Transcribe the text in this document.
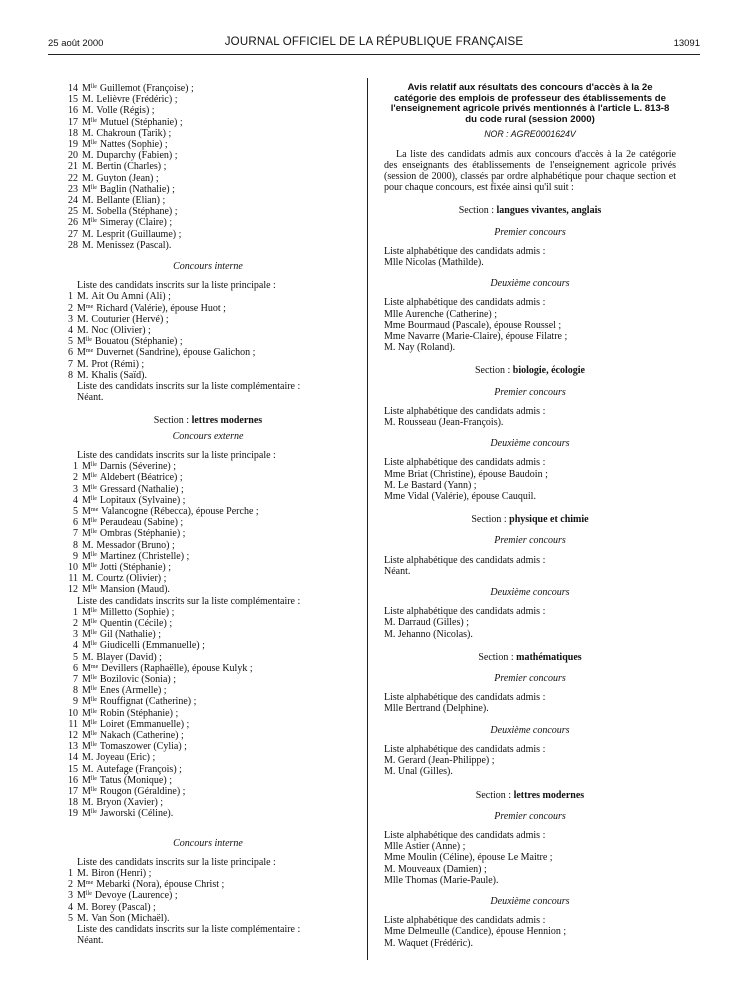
25 août 2000	JOURNAL OFFICIEL DE LA RÉPUBLIQUE FRANÇAISE	13091
14 $M^{lle}$ Guillemot (Françoise) ;
15 M. Lelièvre (Frédéric) ;
16 M. Volle (Régis) ;
17 $M^{lle}$ Mutuel (Stéphanie) ;
18 M. Chakroun (Tarik) ;
19 $M^{lle}$ Nattes (Sophie) ;
20 M. Duparchy (Fabien) ;
21 M. Bertin (Charles) ;
22 M. Guyton (Jean) ;
23 $M^{lle}$ Baglin (Nathalie) ;
24 M. Bellante (Elian) ;
25 M. Sobella (Stéphane) ;
26 $M^{lle}$ Simeray (Claire) ;
27 M. Lesprit (Guillaume) ;
28 M. Menissez (Pascal).
Concours interne
Liste des candidats inscrits sur la liste principale :
1 M. Ait Ou Amni (Ali) ;
2 $M^{me}$ Richard (Valérie), épouse Huot ;
3 M. Couturier (Hervé) ;
4 M. Noc (Olivier) ;
5 $M^{lle}$ Bouatou (Stéphanie) ;
6 $M^{me}$ Duvernet (Sandrine), épouse Galichon ;
7 M. Prot (Rémi) ;
8 M. Khalis (Saïd).
Liste des candidats inscrits sur la liste complémentaire :
Néant.
Section : lettres modernes
Concours externe
Liste des candidats inscrits sur la liste principale :
1 $M^{lle}$ Darnis (Séverine) ;
2 $M^{lle}$ Aldebert (Béatrice) ;
3 $M^{lle}$ Gressard (Nathalie) ;
4 $M^{lle}$ Lopitaux (Sylvaine) ;
5 $M^{me}$ Valancogne (Rébecca), épouse Perche ;
6 $M^{lle}$ Peraudeau (Sabine) ;
7 $M^{lle}$ Ombras (Stéphanie) ;
8 M. Messador (Bruno) ;
9 $M^{lle}$ Martinez (Christelle) ;
10 $M^{lle}$ Jotti (Stéphanie) ;
11 M. Courtz (Olivier) ;
12 $M^{lle}$ Mansion (Maud).
Liste des candidats inscrits sur la liste complémentaire :
1 $M^{lle}$ Milletto (Sophie) ;
2 $M^{lle}$ Quentin (Cécile) ;
3 $M^{lle}$ Gil (Nathalie) ;
4 $M^{lle}$ Giudicelli (Emmanuelle) ;
5 M. Blayer (David) ;
6 $M^{me}$ Devillers (Raphaëlle), épouse Kulyk ;
7 $M^{lle}$ Bozilovic (Sonia) ;
8 $M^{lle}$ Enes (Armelle) ;
9 $M^{lle}$ Rouffignat (Catherine) ;
10 $M^{lle}$ Robin (Stéphanie) ;
11 $M^{lle}$ Loiret (Emmanuelle) ;
12 $M^{lle}$ Nakach (Catherine) ;
13 $M^{lle}$ Tomaszower (Cylia) ;
14 M. Joyeau (Eric) ;
15 M. Autefage (François) ;
16 $M^{lle}$ Tatus (Monique) ;
17 $M^{lle}$ Rougon (Géraldine) ;
18 M. Bryon (Xavier) ;
19 $M^{lle}$ Jaworski (Céline).
Concours interne
Liste des candidats inscrits sur la liste principale :
1 M. Biron (Henri) ;
2 $M^{me}$ Mebarki (Nora), épouse Christ ;
3 $M^{lle}$ Devoye (Laurence) ;
4 M. Borey (Pascal) ;
5 M. Van Son (Michaël).
Liste des candidats inscrits sur la liste complémentaire :
Néant.
Avis relatif aux résultats des concours d'accès à la 2e catégorie des emplois de professeur des établissements de l'enseignement agricole privés mentionnés à l'article L. 813-8 du code rural (session 2000)
NOR : AGRE0001624V
La liste des candidats admis aux concours d'accès à la 2e catégorie des enseignants des établissements de l'enseignement agricole privés (session de 2000), classés par ordre alphabétique pour chaque section et pour chaque concours, est fixée ainsi qu'il suit :
Section : langues vivantes, anglais
Premier concours
Liste alphabétique des candidats admis :
Mlle Nicolas (Mathilde).
Deuxième concours
Liste alphabétique des candidats admis :
Mlle Aurenche (Catherine) ;
Mme Bourmaud (Pascale), épouse Roussel ;
Mme Navarre (Marie-Claire), épouse Filatre ;
M. Nay (Roland).
Section : biologie, écologie
Premier concours
Liste alphabétique des candidats admis :
M. Rousseau (Jean-François).
Deuxième concours
Liste alphabétique des candidats admis :
Mme Briat (Christine), épouse Baudoin ;
M. Le Bastard (Yann) ;
Mme Vidal (Valérie), épouse Cauquil.
Section : physique et chimie
Premier concours
Liste alphabétique des candidats admis :
Néant.
Deuxième concours
Liste alphabétique des candidats admis :
M. Darraud (Gilles) ;
M. Jehanno (Nicolas).
Section : mathématiques
Premier concours
Liste alphabétique des candidats admis :
Mlle Bertrand (Delphine).
Deuxième concours
Liste alphabétique des candidats admis :
M. Gerard (Jean-Philippe) ;
M. Unal (Gilles).
Section : lettres modernes
Premier concours
Liste alphabétique des candidats admis :
Mlle Astier (Anne) ;
Mme Moulin (Céline), épouse Le Maitre ;
M. Mouveaux (Damien) ;
Mlle Thomas (Marie-Paule).
Deuxième concours
Liste alphabétique des candidats admis :
Mme Delmeulle (Candice), épouse Hennion ;
M. Waquet (Frédéric).
